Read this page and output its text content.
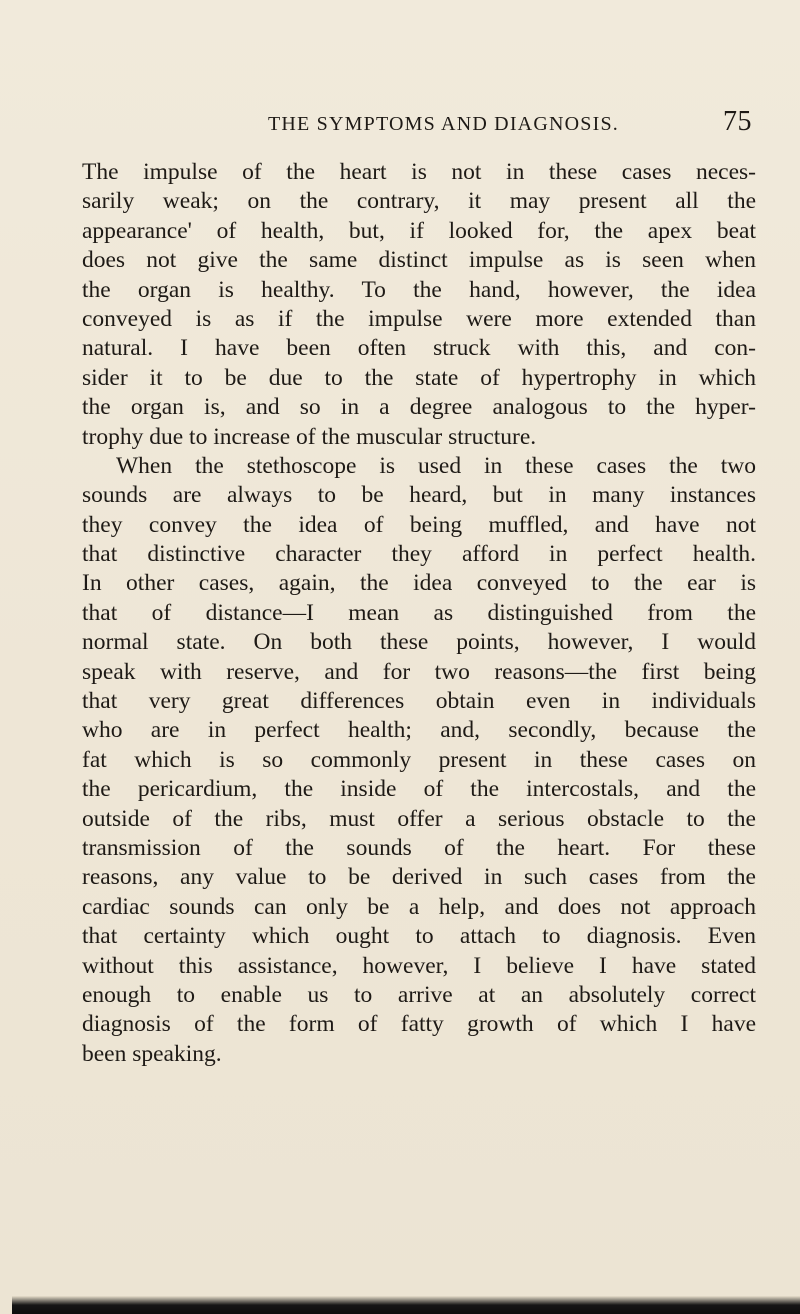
THE SYMPTOMS AND DIAGNOSIS.	75
The impulse of the heart is not in these cases neces-
sarily weak; on the contrary, it may present all the
appearance' of health, but, if looked for, the apex beat
does not give the same distinct impulse as is seen when
the organ is healthy. To the hand, however, the idea
conveyed is as if the impulse were more extended than
natural. I have been often struck with this, and con-
sider it to be due to the state of hypertrophy in which
the organ is, and so in a degree analogous to the hyper-
trophy due to increase of the muscular structure.
When the stethoscope is used in these cases the two
sounds are always to be heard, but in many instances
they convey the idea of being muffled, and have not
that distinctive character they afford in perfect health.
In other cases, again, the idea conveyed to the ear is
that of distance—I mean as distinguished from the
normal state. On both these points, however, I would
speak with reserve, and for two reasons—the first being
that very great differences obtain even in individuals
who are in perfect health; and, secondly, because the
fat which is so commonly present in these cases on
the pericardium, the inside of the intercostals, and the
outside of the ribs, must offer a serious obstacle to the
transmission of the sounds of the heart. For these
reasons, any value to be derived in such cases from the
cardiac sounds can only be a help, and does not approach
that certainty which ought to attach to diagnosis. Even
without this assistance, however, I believe I have stated
enough to enable us to arrive at an absolutely correct
diagnosis of the form of fatty growth of which I have
been speaking.
